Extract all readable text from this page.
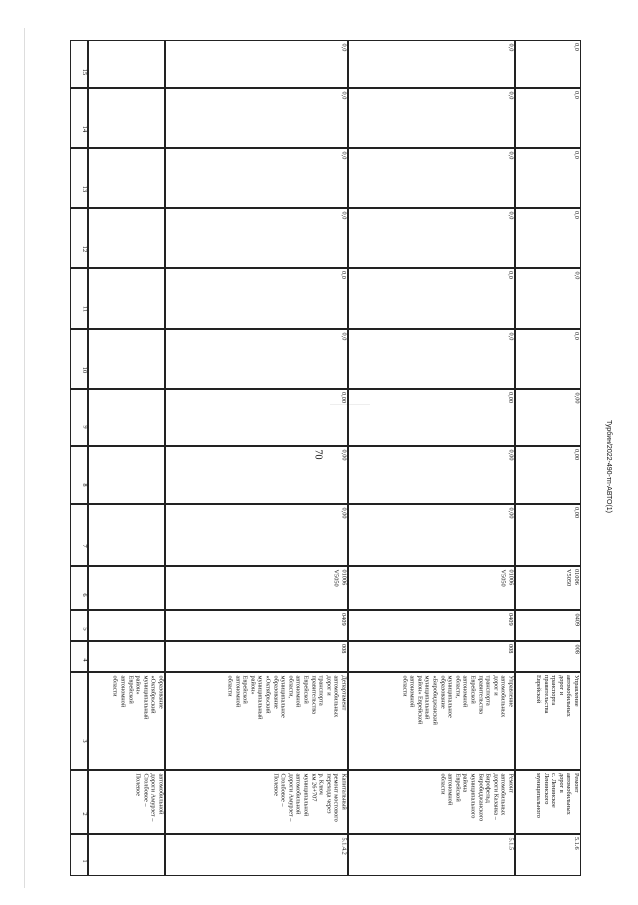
70
1
2
3
4
5
6
7
8
9
10
11
12
13
14
15
автомобильной
дороги Амурзет –
Столбовое –
Полевое
образование
«Октябрьский
муниципальный
район»
Еврейской
автономной
области
5.1.4.2
Капитальный
ремонт мостового
перехода через
р. Ключ
км 26+707
муниципальной
автомобильной
дороги Амурзет –
Столбовое –
Полевое
Департамент
автомобильных
дорог и
транспорта
правительства
Еврейской
автономной
области,
муниципальное
образование
«Октябрьский
муниципальный
район»
Еврейской
автономной
области
008
0409
01006
V5050
0,00
0,00
0,00
0,0
0,0
0,0
0,0
0,0
0,0
5.1.5
Ремонт
автомобильных
дороги Казанка –
Бирофельд
Биробиджанского
муниципального
района
Еврейской
автономной
области
Управление
автомобильных
дорог и
транспорта
правительства
Еврейской
автономной
области,
муниципальное
образование
«Биробиджанский
муниципальный
район» Еврейской
автономной
области
008
0409
01006
V5050
0,00
0,00
0,00
0,0
0,0
0,0
0,0
0,0
0,0
5.1.6
Ремонт
автомобильных
дорог в
с. Ленинское
Ленинского
муниципального
Управление
автомобильных
дорог и
транспорта
правительства
Еврейской
008
0409
01006
V5050
0,00
0,00
0,00
0,0
0,0
0,0
0,0
0,0
0,0
Турбин/2022-490-тп-АВТО(1)
